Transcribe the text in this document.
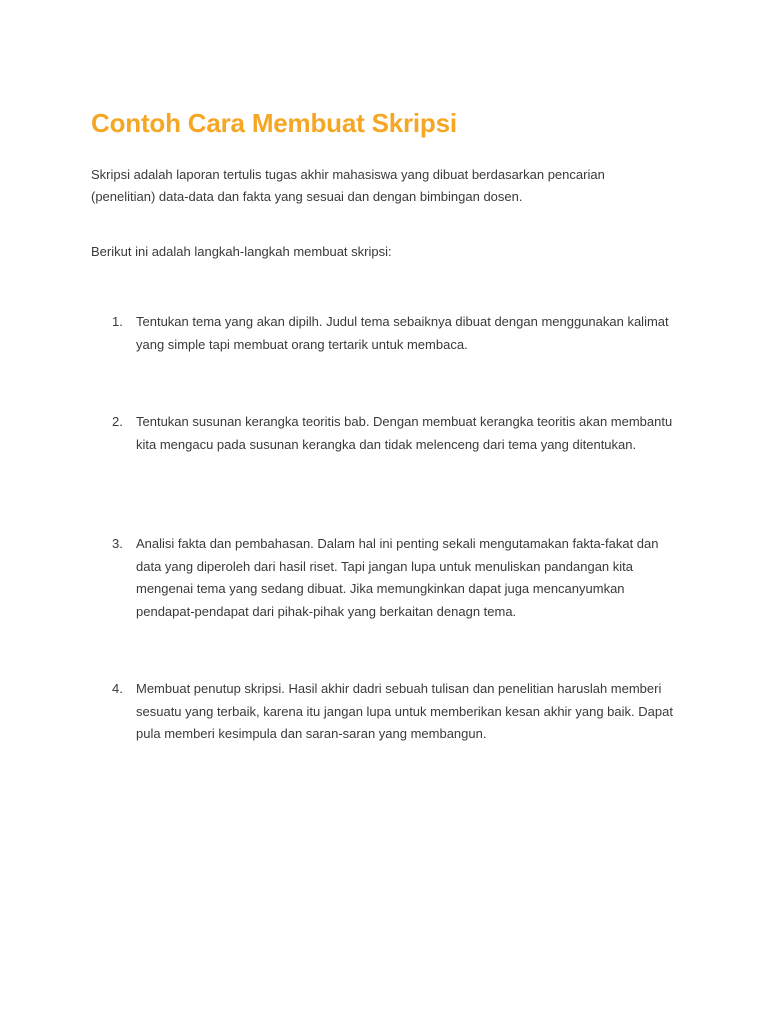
Contoh Cara Membuat Skripsi

Skripsi adalah laporan tertulis tugas akhir mahasiswa yang dibuat berdasarkan pencarian (penelitian) data-data dan fakta yang sesuai dan dengan bimbingan dosen.

Berikut ini adalah langkah-langkah membuat skripsi:

1.	Tentukan tema yang akan dipilh. Judul tema sebaiknya dibuat dengan menggunakan kalimat yang simple tapi membuat orang tertarik untuk membaca.
2.	Tentukan susunan kerangka teoritis bab. Dengan membuat kerangka teoritis akan membantu kita mengacu pada susunan kerangka dan tidak melenceng dari tema yang ditentukan.
3.	Analisi fakta dan pembahasan. Dalam hal ini penting sekali mengutamakan fakta-fakat dan data yang diperoleh dari hasil riset. Tapi jangan lupa untuk menuliskan pandangan kita mengenai tema yang sedang dibuat. Jika memungkinkan dapat juga mencanyumkan pendapat-pendapat dari pihak-pihak yang berkaitan denagn tema.
4.	Membuat penutup skripsi. Hasil akhir dadri sebuah tulisan dan penelitian haruslah memberi sesuatu yang terbaik, karena itu jangan lupa untuk memberikan kesan akhir yang baik. Dapat pula memberi kesimpula dan saran-saran yang membangun.
